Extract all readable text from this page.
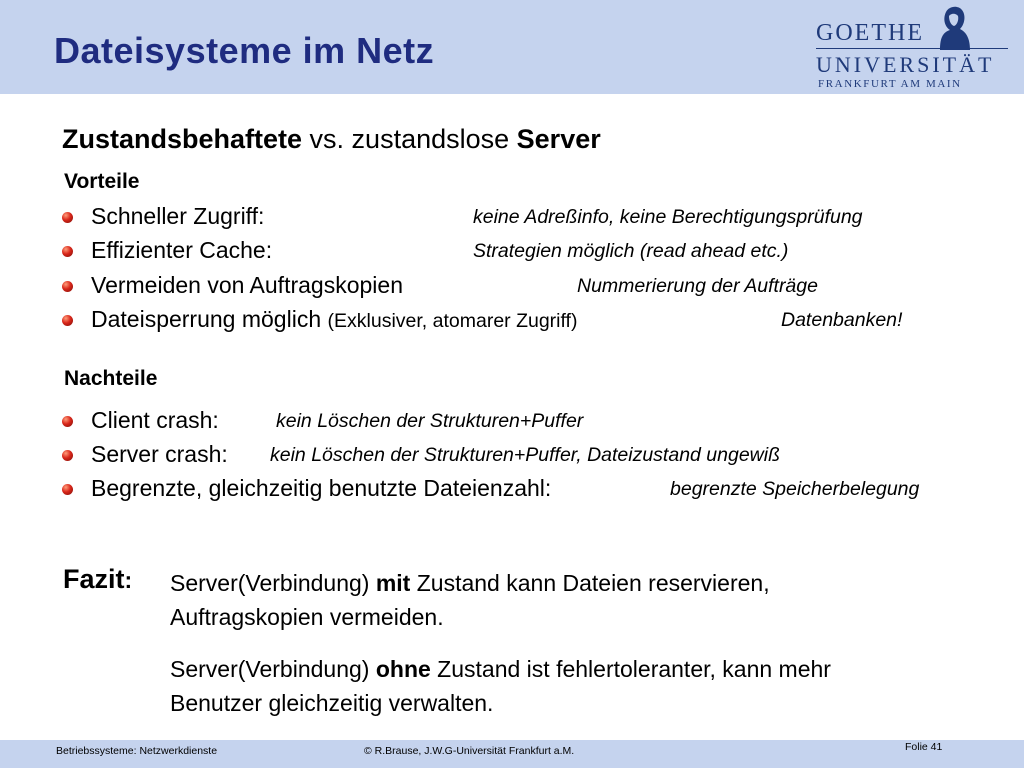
Dateisysteme im Netz	GOETHE
UNIVERSITÄT
FRANKFURT AM MAIN
Zustandsbehaftete vs. zustandslose Server
Vorteile
Schneller Zugriff:	keine Adreßinfo, keine Berechtigungsprüfung
Effizienter Cache:	Strategien möglich (read ahead etc.)
Vermeiden von Auftragskopien	Nummerierung der Aufträge
Dateisperrung möglich (Exklusiver, atomarer Zugriff)	Datenbanken!
Nachteile
Client crash:	kein Löschen der Strukturen+Puffer
Server crash: kein Löschen der Strukturen+Puffer, Dateizustand ungewiß
Begrenzte, gleichzeitig benutzte Dateienzahl:	begrenzte Speicherbelegung
Fazit: Server(Verbindung) mit Zustand kann Dateien reservieren,
Auftragskopien vermeiden.
Server(Verbindung) ohne Zustand ist fehlertoleranter, kann mehr
Benutzer gleichzeitig verwalten.
Betriebssysteme: Netzwerkdienste	© R.Brause, J.W.G-Universität Frankfurt a.M.	Folie 41
